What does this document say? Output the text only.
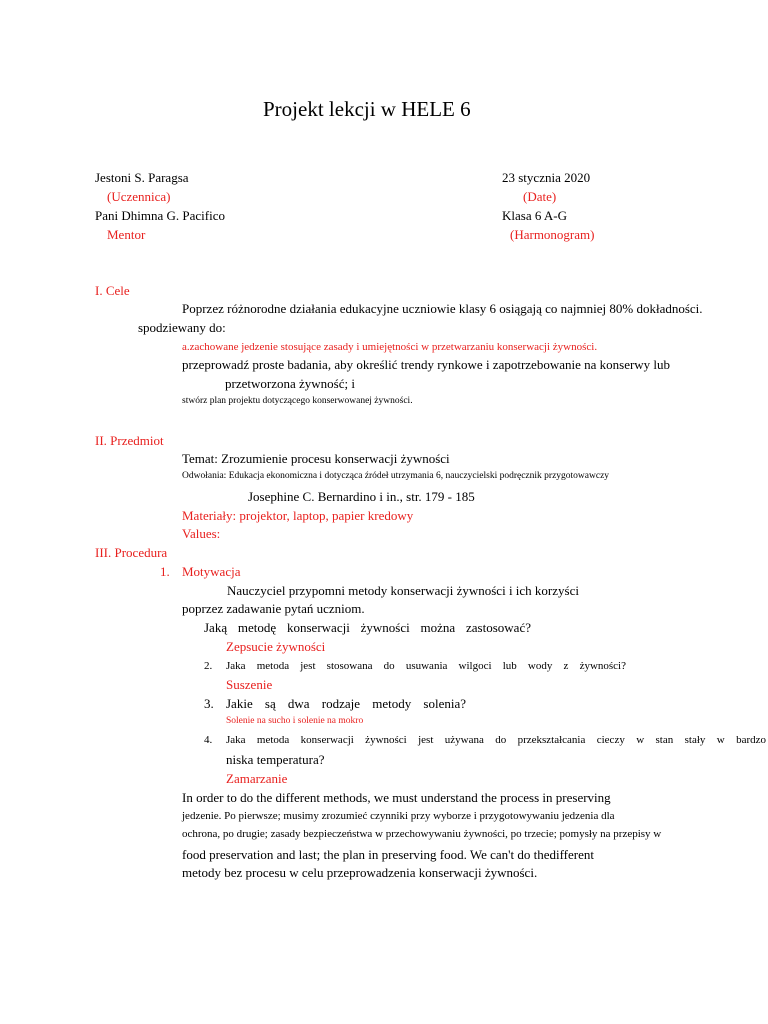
Projekt lekcji w HELE 6
Jestoni S. Paragsa
(Uczennica)
Pani Dhimna G. Pacifico
Mentor
23 stycznia 2020
(Date)
Klasa 6 A-G
(Harmonogram)
I. Cele
Poprzez różnorodne działania edukacyjne uczniowie klasy 6 osiągają co najmniej 80% dokładności.
spodziewany do:
a.zachowane jedzenie stosujące zasady i umiejętności w przetwarzaniu konserwacji żywności.
przeprowadź proste badania, aby określić trendy rynkowe i zapotrzebowanie na konserwy lub
przetworzona żywność; i
stwórz plan projektu dotyczącego konserwowanej żywności.
II. Przedmiot
Temat: Zrozumienie procesu konserwacji żywności
Odwołania: Edukacja ekonomiczna i dotycząca źródeł utrzymania 6, nauczycielski podręcznik przygotowawczy
Josephine C. Bernardino i in., str. 179 - 185
Materiały: projektor, laptop, papier kredowy
Values:
III. Procedura
1. Motywacja
Nauczyciel przypomni metody konserwacji żywności i ich korzyści
poprzez zadawanie pytań uczniom.
Jaką metodę konserwacji żywności można zastosować?
Zepsucie żywności
2. Jaka metoda jest stosowana do usuwania wilgoci lub wody z żywności?
Suszenie
3. Jakie są dwa rodzaje metody solenia?
Solenie na sucho i solenie na mokro
4. Jaka metoda konserwacji żywności jest używana do przekształcania cieczy w stan stały w bardzo
niska temperatura?
Zamarzanie
In order to do the different methods, we must understand the process in preserving
jedzenie. Po pierwsze; musimy zrozumieć czynniki przy wyborze i przygotowywaniu jedzenia dla
ochrona, po drugie; zasady bezpieczeństwa w przechowywaniu żywności, po trzecie; pomysły na przepisy w
food preservation and last; the plan in preserving food. We can't do thedifferent
metody bez procesu w celu przeprowadzenia konserwacji żywności.
